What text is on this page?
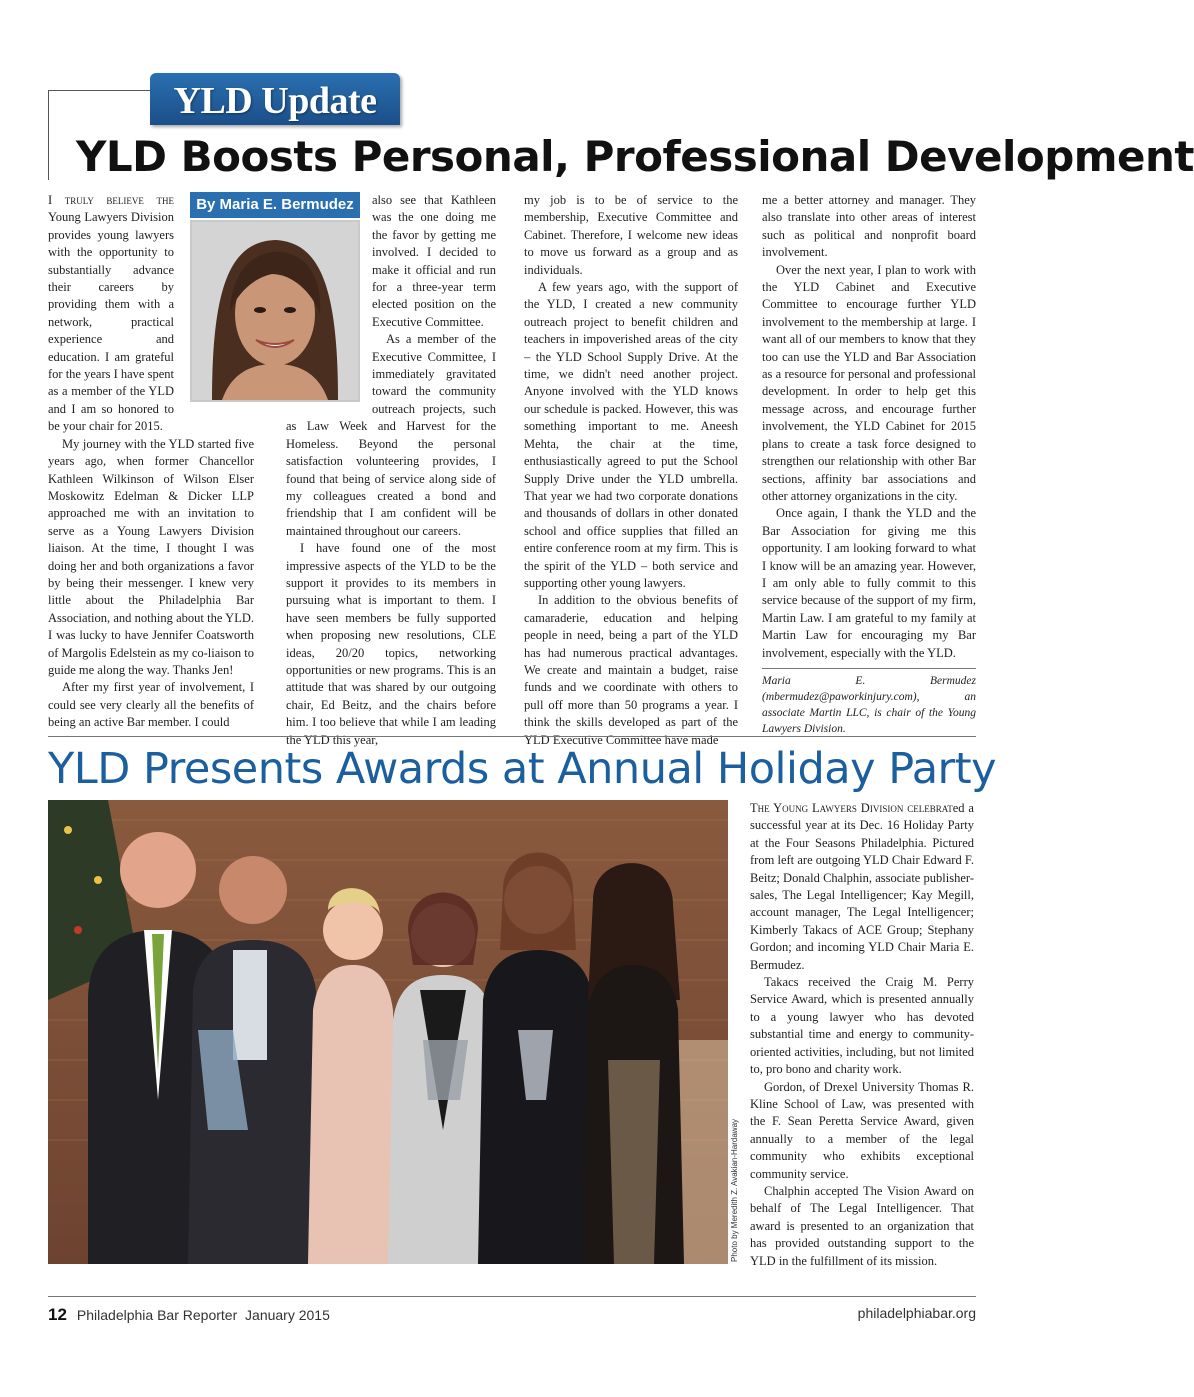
YLD Update
YLD Boosts Personal, Professional Development

I truly believe the Young Lawyers Division provides young lawyers with the opportunity to substantially advance their careers by providing them with a network, practical experience and education. I am grateful for the years I have spent as a member of the YLD and I am so honored to be your chair for 2015.

My journey with the YLD started five years ago, when former Chancellor Kathleen Wilkinson of Wilson Elser Moskowitz Edelman & Dicker LLP approached me with an invitation to serve as a Young Lawyers Division liaison. At the time, I thought I was doing her and both organizations a favor by being their messenger. I knew very little about the Philadelphia Bar Association, and nothing about the YLD. I was lucky to have Jennifer Coatsworth of Margolis Edelstein as my co-liaison to guide me along the way. Thanks Jen!

After my first year of involvement, I could see very clearly all the benefits of being an active Bar member. I could

By Maria E. Bermudez	also see that Kathleen was the one doing me the favor by getting me involved. I decided to make it official and run for a three-year term elected position on the Executive Committee.

As a member of the Executive Committee, I immediately gravitated toward the community outreach projects, such as Law Week and Harvest for the Homeless. Beyond the personal satisfaction volunteering provides, I found that being of service along side of my colleagues created a bond and friendship that I am confident will be maintained throughout our careers.

I have found one of the most impressive aspects of the YLD to be the support it provides to its members in pursuing what is important to them. I have seen members be fully supported when proposing new resolutions, CLE ideas, 20/20 topics, networking opportunities or new programs. This is an attitude that was shared by our outgoing chair, Ed Beitz, and the chairs before him. I too believe that while I am leading the YLD this year,

my job is to be of service to the membership, Executive Committee and Cabinet. Therefore, I welcome new ideas to move us forward as a group and as individuals.

A few years ago, with the support of the YLD, I created a new community outreach project to benefit children and teachers in impoverished areas of the city – the YLD School Supply Drive. At the time, we didn't need another project. Anyone involved with the YLD knows our schedule is packed. However, this was something important to me. Aneesh Mehta, the chair at the time, enthusiastically agreed to put the School Supply Drive under the YLD umbrella. That year we had two corporate donations and thousands of dollars in other donated school and office supplies that filled an entire conference room at my firm. This is the spirit of the YLD – both service and supporting other young lawyers.

In addition to the obvious benefits of camaraderie, education and helping people in need, being a part of the YLD has had numerous practical advantages. We create and maintain a budget, raise funds and we coordinate with others to pull off more than 50 programs a year. I think the skills developed as part of the YLD Executive Committee have made

me a better attorney and manager. They also translate into other areas of interest such as political and nonprofit board involvement.

Over the next year, I plan to work with the YLD Cabinet and Executive Committee to encourage further YLD involvement to the membership at large. I want all of our members to know that they too can use the YLD and Bar Association as a resource for personal and professional development. In order to help get this message across, and encourage further involvement, the YLD Cabinet for 2015 plans to create a task force designed to strengthen our relationship with other Bar sections, affinity bar associations and other attorney organizations in the city.

Once again, I thank the YLD and the Bar Association for giving me this opportunity. I am looking forward to what I know will be an amazing year. However, I am only able to fully commit to this service because of the support of my firm, Martin Law. I am grateful to my family at Martin Law for encouraging my Bar involvement, especially with the YLD.

Maria E. Bermudez (mbermudez@paworkinjury.com), an associate Martin LLC, is chair of the Young Lawyers Division.
YLD Presents Awards at Annual Holiday Party
Photo by Meredith Z. Avakian-Hardaway

The Young Lawyers Division celebrated a successful year at its Dec. 16 Holiday Party at the Four Seasons Philadelphia. Pictured from left are outgoing YLD Chair Edward F. Beitz; Donald Chalphin, associate publisher-sales, The Legal Intelligencer; Kay Megill, account manager, The Legal Intelligencer; Kimberly Takacs of ACE Group; Stephany Gordon; and incoming YLD Chair Maria E. Bermudez.

Takacs received the Craig M. Perry Service Award, which is presented annually to a young lawyer who has devoted substantial time and energy to community-oriented activities, including, but not limited to, pro bono and charity work.

Gordon, of Drexel University Thomas R. Kline School of Law, was presented with the F. Sean Peretta Service Award, given annually to a member of the legal community who exhibits exceptional community service.

Chalphin accepted The Vision Award on behalf of The Legal Intelligencer. That award is presented to an organization that has provided outstanding support to the YLD in the fulfillment of its mission.

12 Philadelphia Bar Reporter January 2015	philadelphiabar.org
